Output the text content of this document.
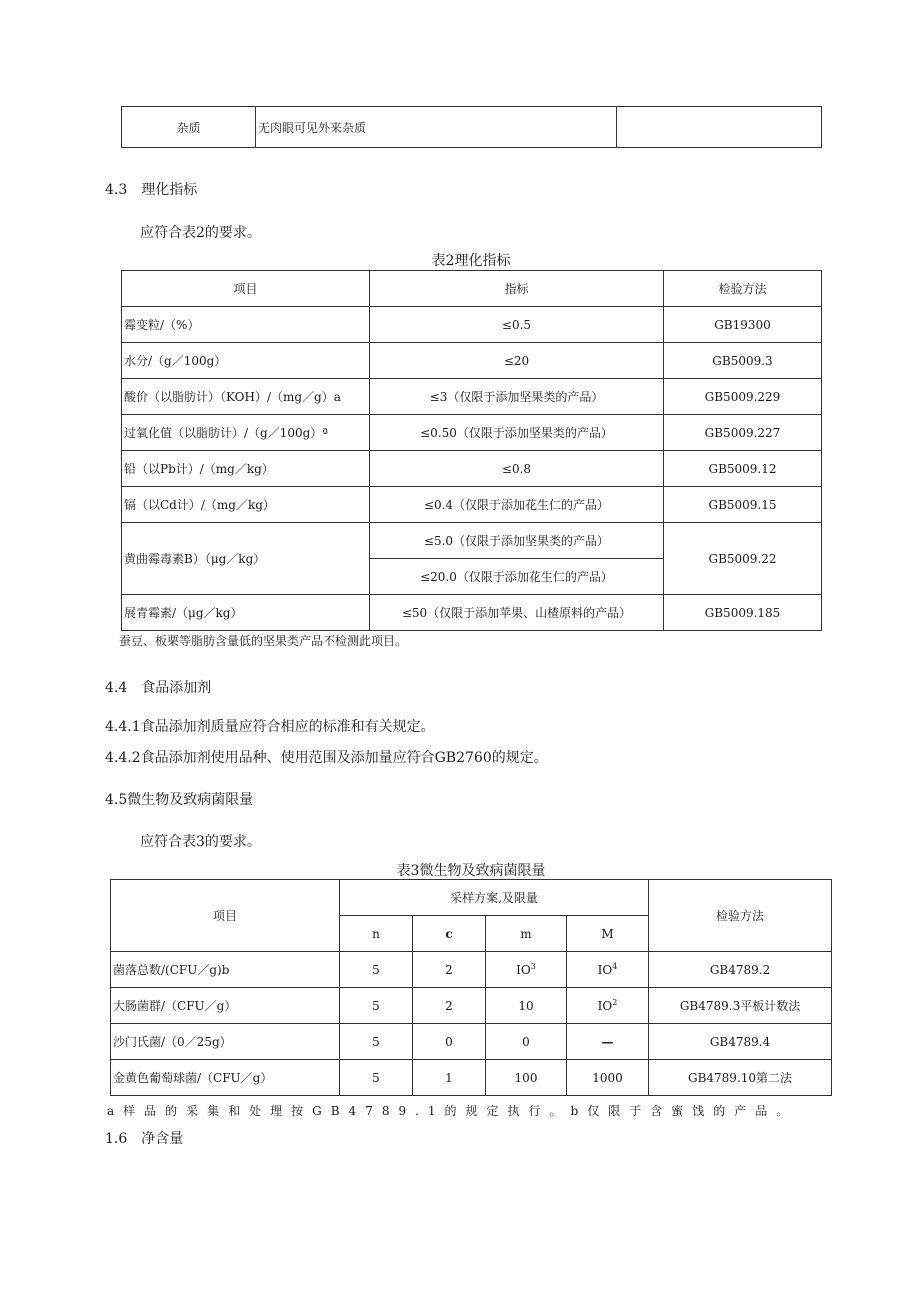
杂质	无肉眼可见外来杂质	
4.3　理化指标
应符合表2的要求。
表2理化指标
项目	指标	检验方法
霉变粒/（%）	≤0.5	GB19300
水分/（g／100g）	≤20	GB5009.3
酸价（以脂肪计）（KOH）/（mg／g）a	≤3（仅限于添加坚果类的产品）	GB5009.229
过氧化值（以脂肪计）/（g／100g）ª	≤0.50（仅限于添加坚果类的产品）	GB5009.227
铅（以Pb计）/（mg／kg）	≤0.8	GB5009.12
镉（以Cd计）/（mg／kg）	≤0.4（仅限于添加花生仁的产品）	GB5009.15
黄曲霉毒素B）（μg／kg）	≤5.0（仅限于添加坚果类的产品）	GB5009.22
	≤20.0（仅限于添加花生仁的产品）	
展青霉素/（μg／kg）	≤50（仅限于添加苹果、山楂原料的产品）	GB5009.185
蚕豆、板栗等脂肪含量低的坚果类产品不检测此项目。
4.4　食品添加剂
4.4.1食品添加剂质量应符合相应的标准和有关规定。
4.4.2食品添加剂使用品种、使用范围及添加量应符合GB2760的规定。
4.5微生物及致病菌限量
应符合表3的要求。
表3微生物及致病菌限量
项目	采样方案,及限量				检验方法
	n	c	m	M	
菌落总数/(CFU／g)b	5	2	$IO^3$	$IO^4$	GB4789.2
大肠菌群/（CFU／g）	5	2	10	$IO^2$	GB4789.3平板计数法
沙门氏菌/（0／25g）	5	0	0	—	GB4789.4
金黄色葡萄球菌/（CFU／g）	5	1	100	1000	GB4789.10第二法
a样品的采集和处理按GB4789.1的规定执行。b仅限于含蜜饯的产品。
1.6　净含量
